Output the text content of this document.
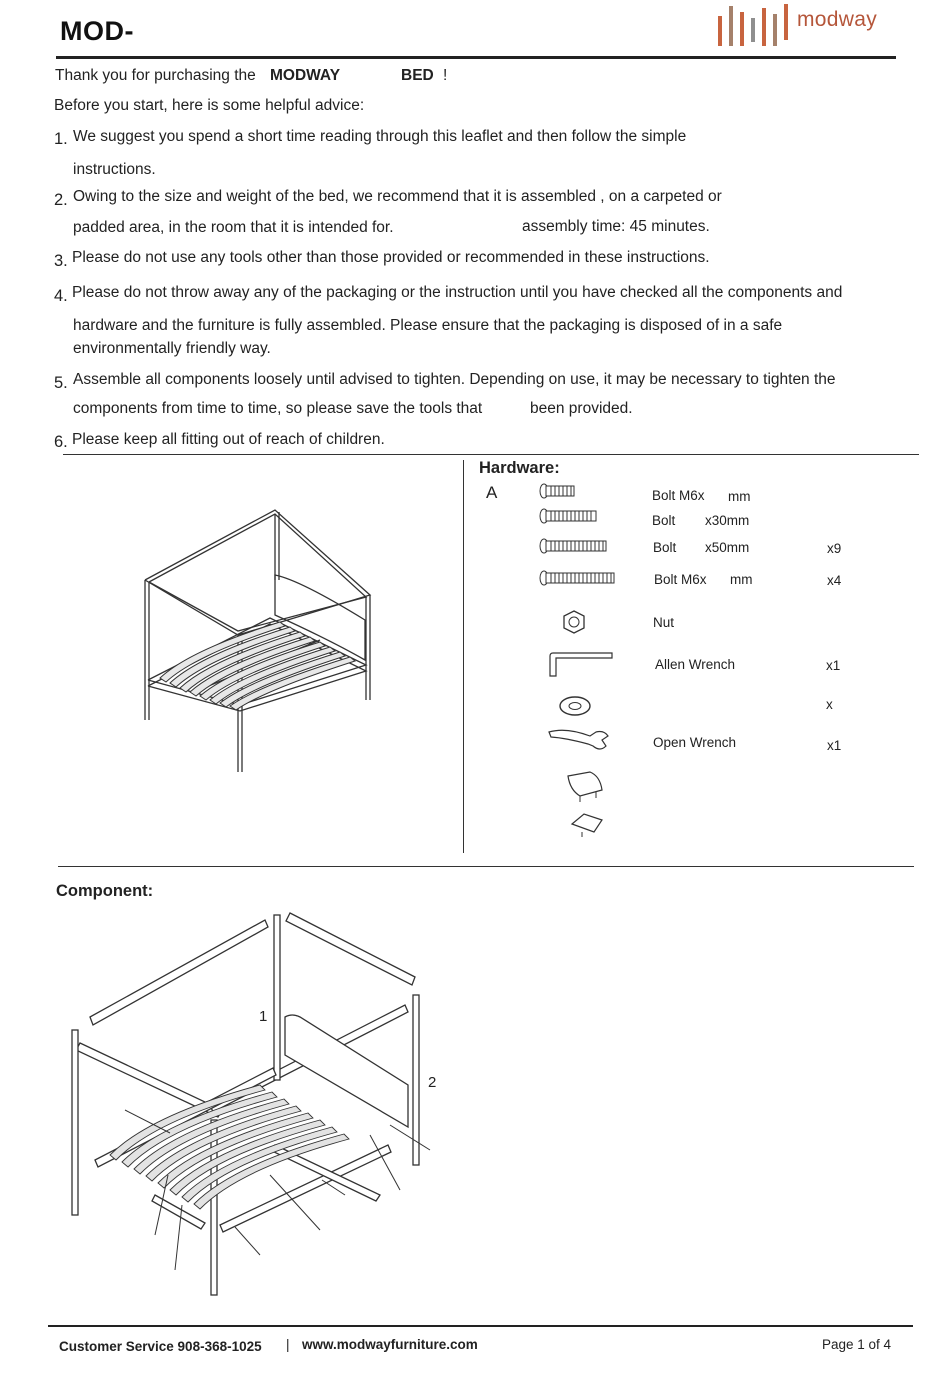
MOD-	modway
Thank you for purchasing the MODWAY	BED !
Before you start, here is some helpful advice:
1. We suggest you spend a short time reading through this leaflet and then follow the simple
instructions.
2. Owing to the size and weight of the bed, we recommend that it is assembled , on a carpeted or
padded area, in the room that it is intended for.	assembly time: 45 minutes.
3. Please do not use any tools other than those provided or recommended in these instructions.
4. Please do not throw away any of the packaging or the instruction until you have checked all the components and
hardware and the furniture is fully assembled. Please ensure that the packaging is disposed of in a safe
environmentally friendly way.
5. Assemble all components loosely until advised to tighten. Depending on use, it may be necessary to tighten the
components from time to time, so please save the tools that	been provided.
6. Please keep all fitting out of reach of children.
Hardware:
A	Bolt M6x mm
Bolt x30mm
Bolt x50mm	x9
Bolt M6x mm	x4
Nut
Allen Wrench	x1
x
Open Wrench	x1
Component:
1
2
Customer Service 908-368-1025 | www.modwayfurniture.com	Page 1 of 4
